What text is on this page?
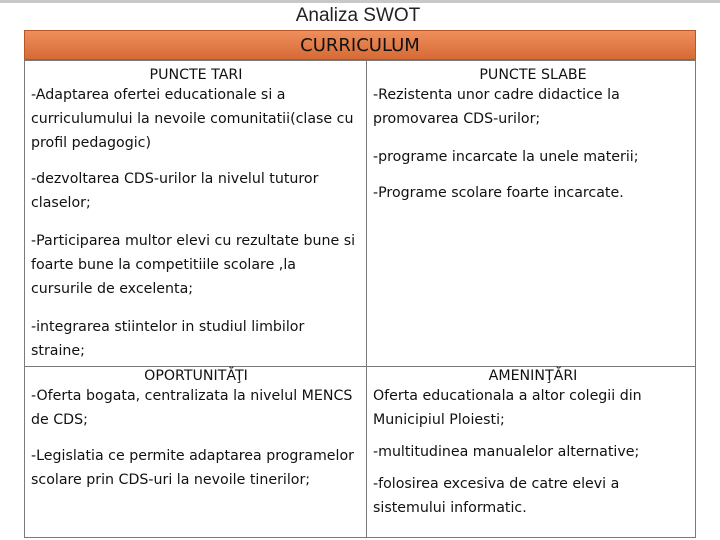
Analiza SWOT
CURRICULUM
PUNCTE TARI

-Adaptarea ofertei educationale si a curriculumului la nevoile comunitatii(clase cu profil pedagogic)

-dezvoltarea CDS-urilor la nivelul tuturor claselor;

-Participarea multor elevi cu rezultate bune si foarte bune la competitiile scolare ,la cursurile de excelenta;

-integrarea stiintelor in studiul limbilor straine;

PUNCTE SLABE

-Rezistenta unor cadre didactice la promovarea CDS-urilor;

-programe incarcate la unele materii;

-Programe scolare foarte incarcate.

OPORTUNITĂŢI

-Oferta bogata, centralizata la nivelul MENCS de CDS;

-Legislatia ce permite adaptarea programelor scolare prin CDS-uri la nevoile tinerilor;

AMENINŢĂRI

Oferta educationala a altor colegii din Municipiul Ploiesti;

-multitudinea manualelor alternative;

-folosirea excesiva de catre elevi a sistemului informatic.
